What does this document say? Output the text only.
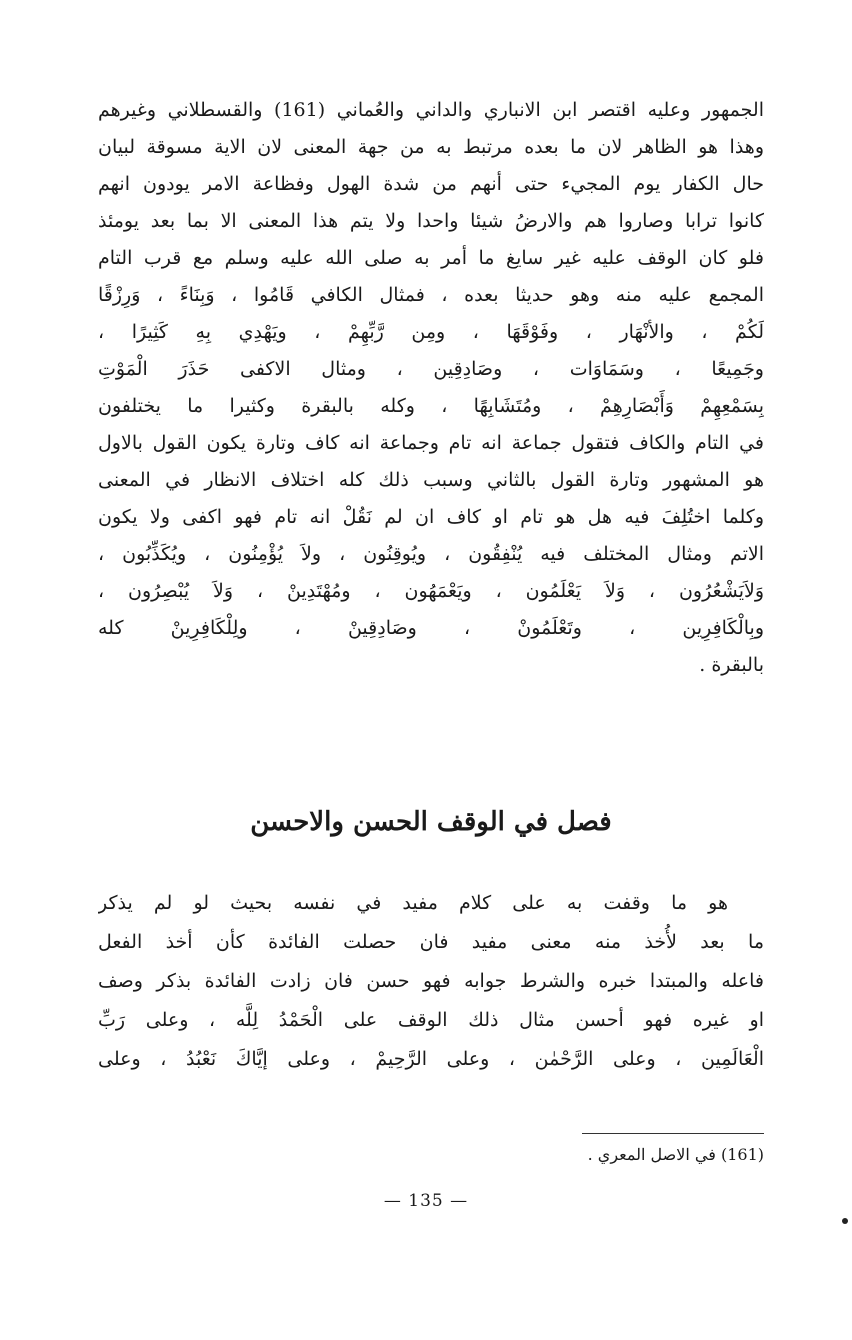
الجمهور وعليه اقتصر ابن الانباري والداني والعُماني (161) والقسطلاني وغيرهم
وهذا هو الظاهر لان ما بعده مرتبط به من جهة المعنى لان الاية مسوقة لبيان
حال الكفار يوم المجيء حتى أنهم من شدة الهول وفظاعة الامر يودون انهم
كانوا ترابا وصاروا هم والارضُ شيئا واحدا ولا يتم هذا المعنى الا بما بعد يومئذ
فلو كان الوقف عليه غير سايغ ما أمر به صلى الله عليه وسلم مع قرب التام
المجمع عليه منه وهو حديثا بعده ، فمثال الكافي قَامُوا ، وَبِنَاءً ، وَرِزْقًا
لَكُمْ ، والأنْهَار ، وفَوْقَهَا ، ومِن رَّبِّهِمْ ، ويَهْدِي بِهِ كَثِيرًا ،
وجَمِيعًا ، وسَمَاوَات ، وصَادِقِين ، ومثال الاكفى حَذَرَ الْمَوْتِ
بِسَمْعِهِمْ وَأَبْصَارِهِمْ ، ومُتَشَابِهًا ، وكله بالبقرة وكثيرا ما يختلفون
في التام والكاف فتقول جماعة انه تام وجماعة انه كاف وتارة يكون القول بالاول
هو المشهور وتارة القول بالثاني وسبب ذلك كله اختلاف الانظار في المعنى
وكلما اختُلِفَ فيه هل هو تام او كاف ان لم نَقُلْ انه تام فهو اكفى ولا يكون
الاتم ومثال المختلف فيه يُنْفِقُون ، ويُوقِنُون ، ولاَ يُؤْمِنُون ، ويُكَذِّبُون ،
وَلاَيَشْعُرُون ، وَلاَ يَعْلَمُون ، ويَعْمَهُون ، ومُهْتَدِينْ ، وَلاَ يُبْصِرُون ،
وبِالْكَافِرِين ، وتَعْلَمُونْ ، وصَادِقِينْ ، ولِلْكَافِرِينْ كله
بالبقرة .
فصل في الوقف الحسن والاحسن
هو ما وقفت به على كلام مفيد في نفسه بحيث لو لم يذكر
ما بعد لأُخذ منه معنى مفيد فان حصلت الفائدة كأن أخذ الفعل
فاعله والمبتدا خبره والشرط جوابه فهو حسن فان زادت الفائدة بذكر وصف
او غيره فهو أحسن مثال ذلك الوقف على الْحَمْدُ لِلَّه ، وعلى رَبِّ
الْعَالَمِين ، وعلى الرَّحْمٰن ، وعلى الرَّحِيمْ ، وعلى إيَّاكَ نَعْبُدُ ، وعلى
(161) في الاصل المعري .
— 135 —
